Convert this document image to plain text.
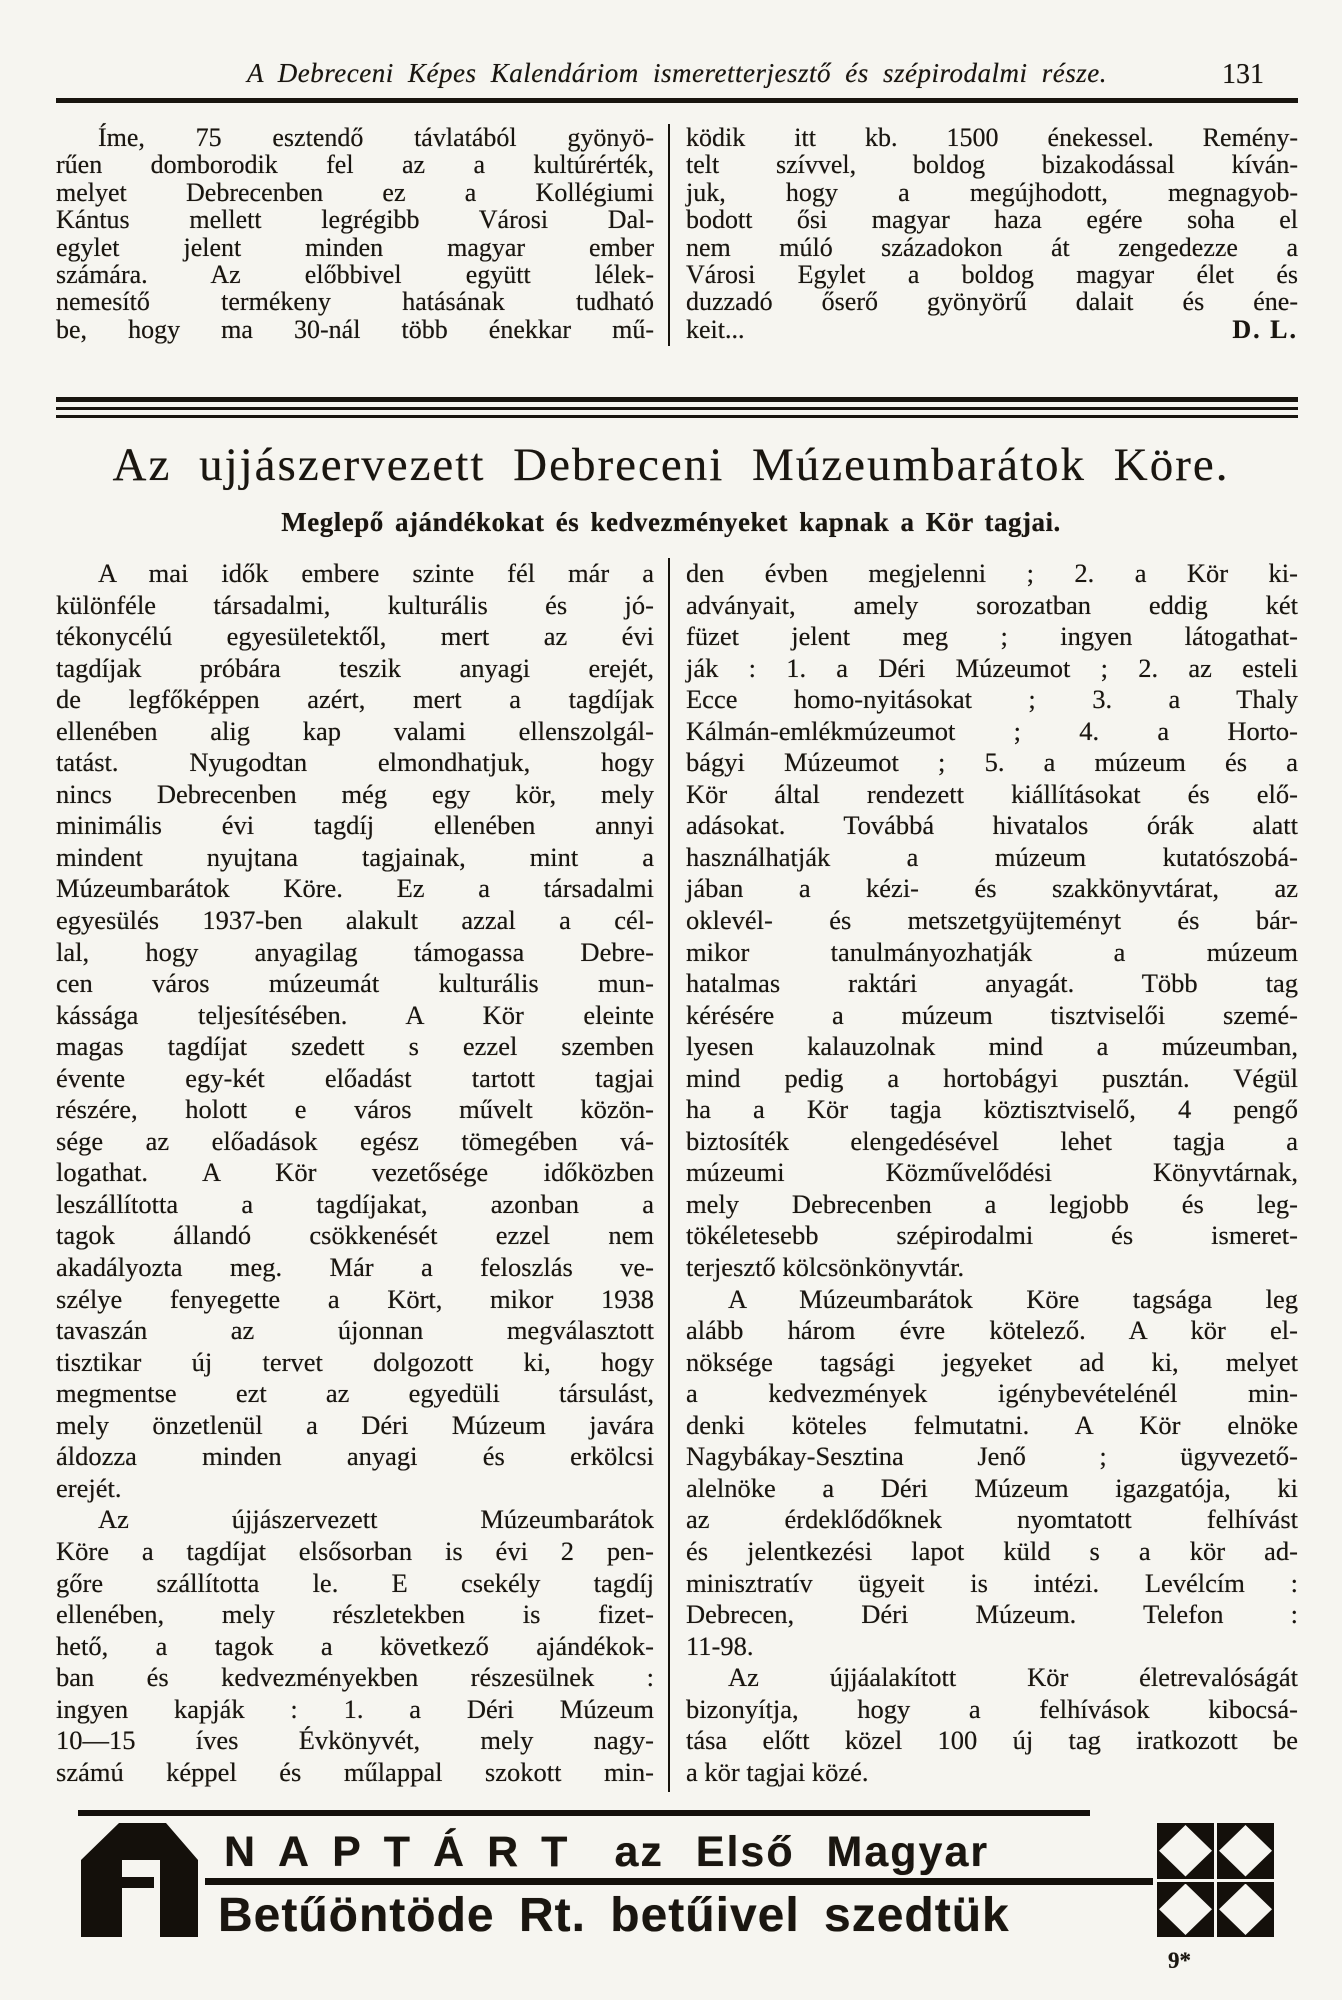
A Debreceni Képes Kalendáriom ismeretterjesztő és szépirodalmi része.	131
Íme, 75 esztendő távlatából gyönyö-
rűen domborodik fel az a kultúrérték,
melyet Debrecenben ez a Kollégiumi
Kántus mellett legrégibb Városi Dal-
egylet jelent minden magyar ember
számára. Az előbbivel együtt lélek-
nemesítő termékeny hatásának tudható
be, hogy ma 30-nál több énekkar mű-
ködik itt kb. 1500 énekessel. Remény-
telt szívvel, boldog bizakodással kíván-
juk, hogy a megújhodott, megnagyob-
bodott ősi magyar haza egére soha el
nem múló századokon át zengedezze a
Városi Egylet a boldog magyar élet és
duzzadó őserő gyönyörű dalait és éne-
keit...	D. L.
Az ujjászervezett Debreceni Múzeumbarátok Köre.
Meglepő ajándékokat és kedvezményeket kapnak a Kör tagjai.
A mai idők embere szinte fél már a
különféle társadalmi, kulturális és jó-
tékonycélú egyesületektől, mert az évi
tagdíjak próbára teszik anyagi erejét,
de legfőképpen azért, mert a tagdíjak
ellenében alig kap valami ellenszolgál-
tatást. Nyugodtan elmondhatjuk, hogy
nincs Debrecenben még egy kör, mely
minimális évi tagdíj ellenében annyi
mindent nyujtana tagjainak, mint a
Múzeumbarátok Köre. Ez a társadalmi
egyesülés 1937-ben alakult azzal a cél-
lal, hogy anyagilag támogassa Debre-
cen város múzeumát kulturális mun-
kássága teljesítésében. A Kör eleinte
magas tagdíjat szedett s ezzel szemben
évente egy-két előadást tartott tagjai
részére, holott e város művelt közön-
sége az előadások egész tömegében vá-
logathat. A Kör vezetősége időközben
leszállította a tagdíjakat, azonban a
tagok állandó csökkenését ezzel nem
akadályozta meg. Már a feloszlás ve-
szélye fenyegette a Kört, mikor 1938
tavaszán az újonnan megválasztott
tisztikar új tervet dolgozott ki, hogy
megmentse ezt az egyedüli társulást,
mely önzetlenül a Déri Múzeum javára
áldozza minden anyagi és erkölcsi
erejét.
Az újjászervezett Múzeumbarátok
Köre a tagdíjat elsősorban is évi 2 pen-
gőre szállította le. E csekély tagdíj
ellenében, mely részletekben is fizet-
hető, a tagok a következő ajándékok-
ban és kedvezményekben részesülnek :
ingyen kapják : 1. a Déri Múzeum
10—15 íves Évkönyvét, mely nagy-
számú képpel és műlappal szokott min-
den évben megjelenni ; 2. a Kör ki-
adványait, amely sorozatban eddig két
füzet jelent meg ; ingyen látogathat-
ják : 1. a Déri Múzeumot ; 2. az esteli
Ecce homo-nyitásokat ; 3. a Thaly
Kálmán-emlékmúzeumot ; 4. a Horto-
bágyi Múzeumot ; 5. a múzeum és a
Kör által rendezett kiállításokat és elő-
adásokat. Továbbá hivatalos órák alatt
használhatják a múzeum kutatószobá-
jában a kézi- és szakkönyvtárat, az
oklevél- és metszetgyüjteményt és bár-
mikor tanulmányozhatják a múzeum
hatalmas raktári anyagát. Több tag
kérésére a múzeum tisztviselői szemé-
lyesen kalauzolnak mind a múzeumban,
mind pedig a hortobágyi pusztán. Végül
ha a Kör tagja köztisztviselő, 4 pengő
biztosíték elengedésével lehet tagja a
múzeumi Közművelődési Könyvtárnak,
mely Debrecenben a legjobb és leg-
tökéletesebb szépirodalmi és ismeret-
terjesztő kölcsönkönyvtár.
A Múzeumbarátok Köre tagsága leg
alább három évre kötelező. A kör el-
nöksége tagsági jegyeket ad ki, melyet
a kedvezmények igénybevételénél min-
denki köteles felmutatni. A Kör elnöke
Nagybákay-Sesztina Jenő ; ügyvezető-
alelnöke a Déri Múzeum igazgatója, ki
az érdeklődőknek nyomtatott felhívást
és jelentkezési lapot küld s a kör ad-
minisztratív ügyeit is intézi. Levélcím :
Debrecen, Déri Múzeum. Telefon :
11-98.
Az újjáalakított Kör életrevalóságát
bizonyítja, hogy a felhívások kibocsá-
tása előtt közel 100 új tag iratkozott be
a kör tagjai közé.
NAPTÁRT az Első Magyar
Betűöntöde Rt. betűivel szedtük
9*
